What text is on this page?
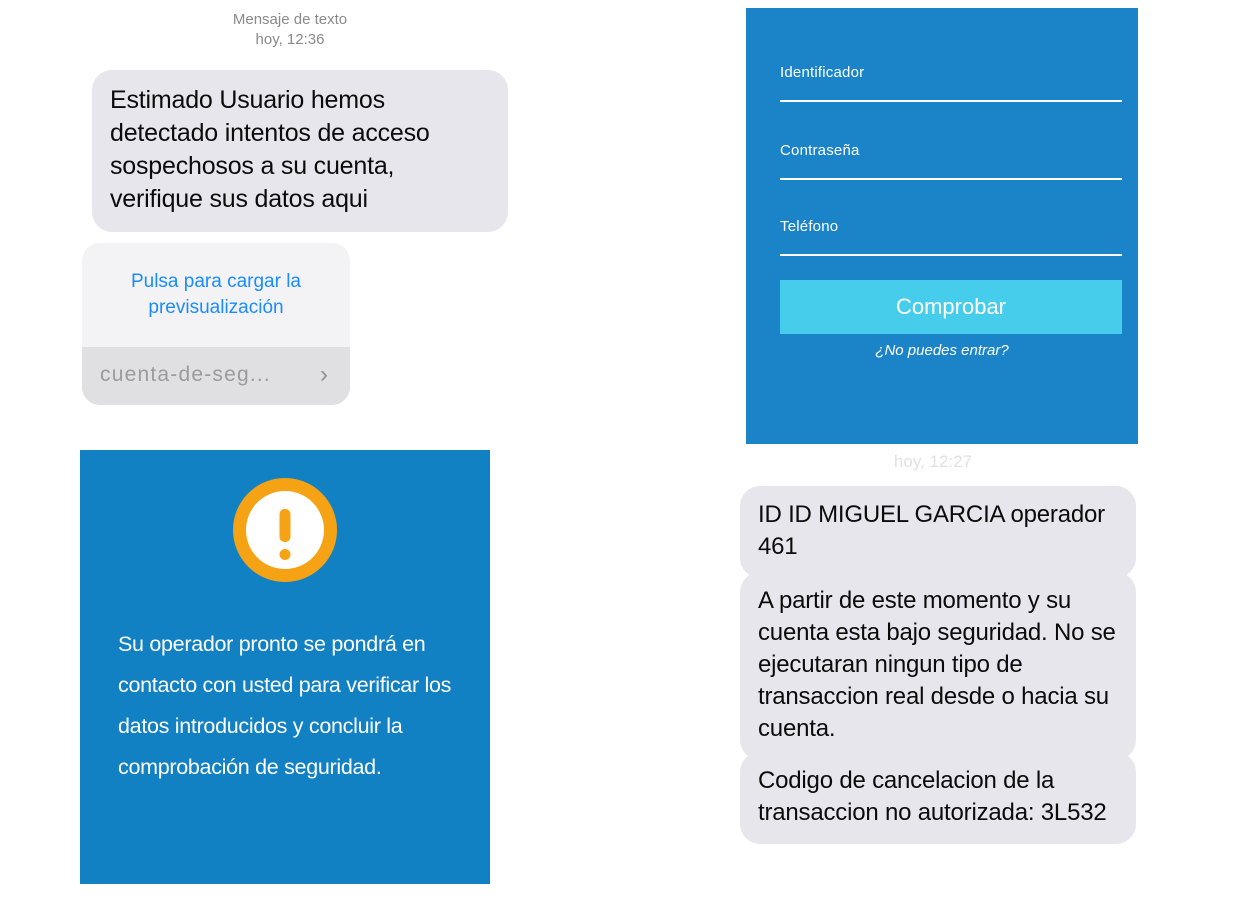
Mensaje de texto
hoy, 12:36
Estimado Usuario hemos detectado intentos de acceso sospechosos a su cuenta, verifique sus datos aqui
Pulsa para cargar la previsualización
cuenta-de-seg... ›
Su operador pronto se pondrá en contacto con usted para verificar los datos introducidos y concluir la comprobación de seguridad.
Identificador
Contraseña
Teléfono
Comprobar
¿No puedes entrar?
hoy, 12:27
ID ID MIGUEL GARCIA operador 461
A partir de este momento y su cuenta esta bajo seguridad. No se ejecutaran ningun tipo de transaccion real desde o hacia su cuenta.
Codigo de cancelacion de la transaccion no autorizada: 3L532
